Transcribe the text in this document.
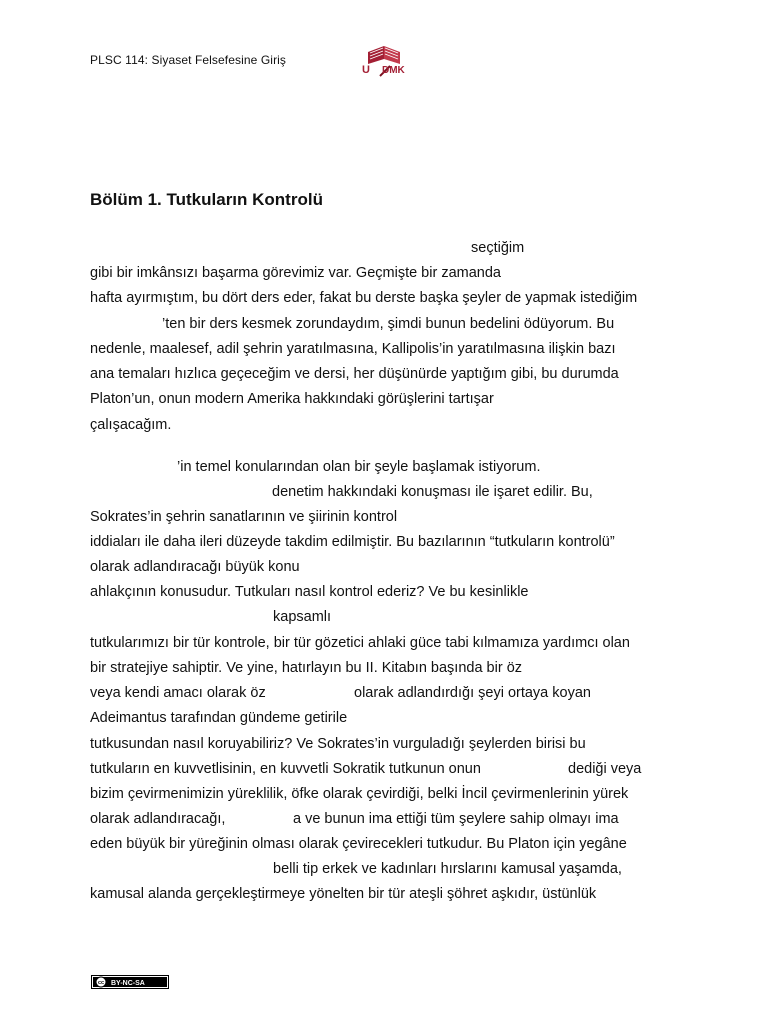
PLSC 114: Siyaset Felsefesine Giriş
U DMK
Bölüm 1. Tutkuların Kontrolü
seçtiğim
gibi bir imkânsızı başarma görevimiz var. Geçmişte bir zamanda
hafta ayırmıştım, bu dört ders eder, fakat bu derste başka şeyler de yapmak istediğim
’ten bir ders kesmek zorundaydım, şimdi bunun bedelini ödüyorum. Bu
nedenle, maalesef, adil şehrin yaratılmasına, Kallipolis’in yaratılmasına ilişkin bazı
ana temaları hızlıca geçeceğim ve dersi, her düşünürde yaptığım gibi, bu durumda
Platon’un, onun modern Amerika hakkındaki görüşlerini tartışar
çalışacağım.
’in temel konularından olan bir şeyle başlamak istiyorum.
denetim hakkındaki konuşması ile işaret edilir. Bu,
Sokrates’in şehrin sanatlarının ve şiirinin kontrol
iddiaları ile daha ileri düzeyde takdim edilmiştir. Bu bazılarının “tutkuların kontrolü”
olarak adlandıracağı büyük konu
ahlakçının konusudur. Tutkuları nasıl kontrol ederiz? Ve bu kesinlikle
kapsamlı
tutkularımızı bir tür kontrole, bir tür gözetici ahlaki güce tabi kılmamıza yardımcı olan
bir stratejiye sahiptir. Ve yine, hatırlayın bu II. Kitabın başında bir öz
veya kendi amacı olarak öz	olarak adlandırdığı şeyi ortaya koyan
Adeimantus tarafından gündeme getirile
tutkusundan nasıl koruyabiliriz? Ve Sokrates’in vurguladığı şeylerden birisi bu
tutkuların en kuvvetlisinin, en kuvvetli Sokratik tutkunun onun	dediği veya
bizim çevirmenimizin yüreklilik, öfke olarak çevirdiği, belki İncil çevirmenlerinin yürek
olarak adlandıracağı,	a ve bunun ima ettiği tüm şeylere sahip olmayı ima
eden büyük bir yüreğinin olması olarak çevirecekleri tutkudur. Bu Platon için yegâne
belli tip erkek ve kadınları hırslarını kamusal yaşamda,
kamusal alanda gerçekleştirmeye yönelten bir tür ateşli şöhret aşkıdır, üstünlük
cc BY-NC-SA
